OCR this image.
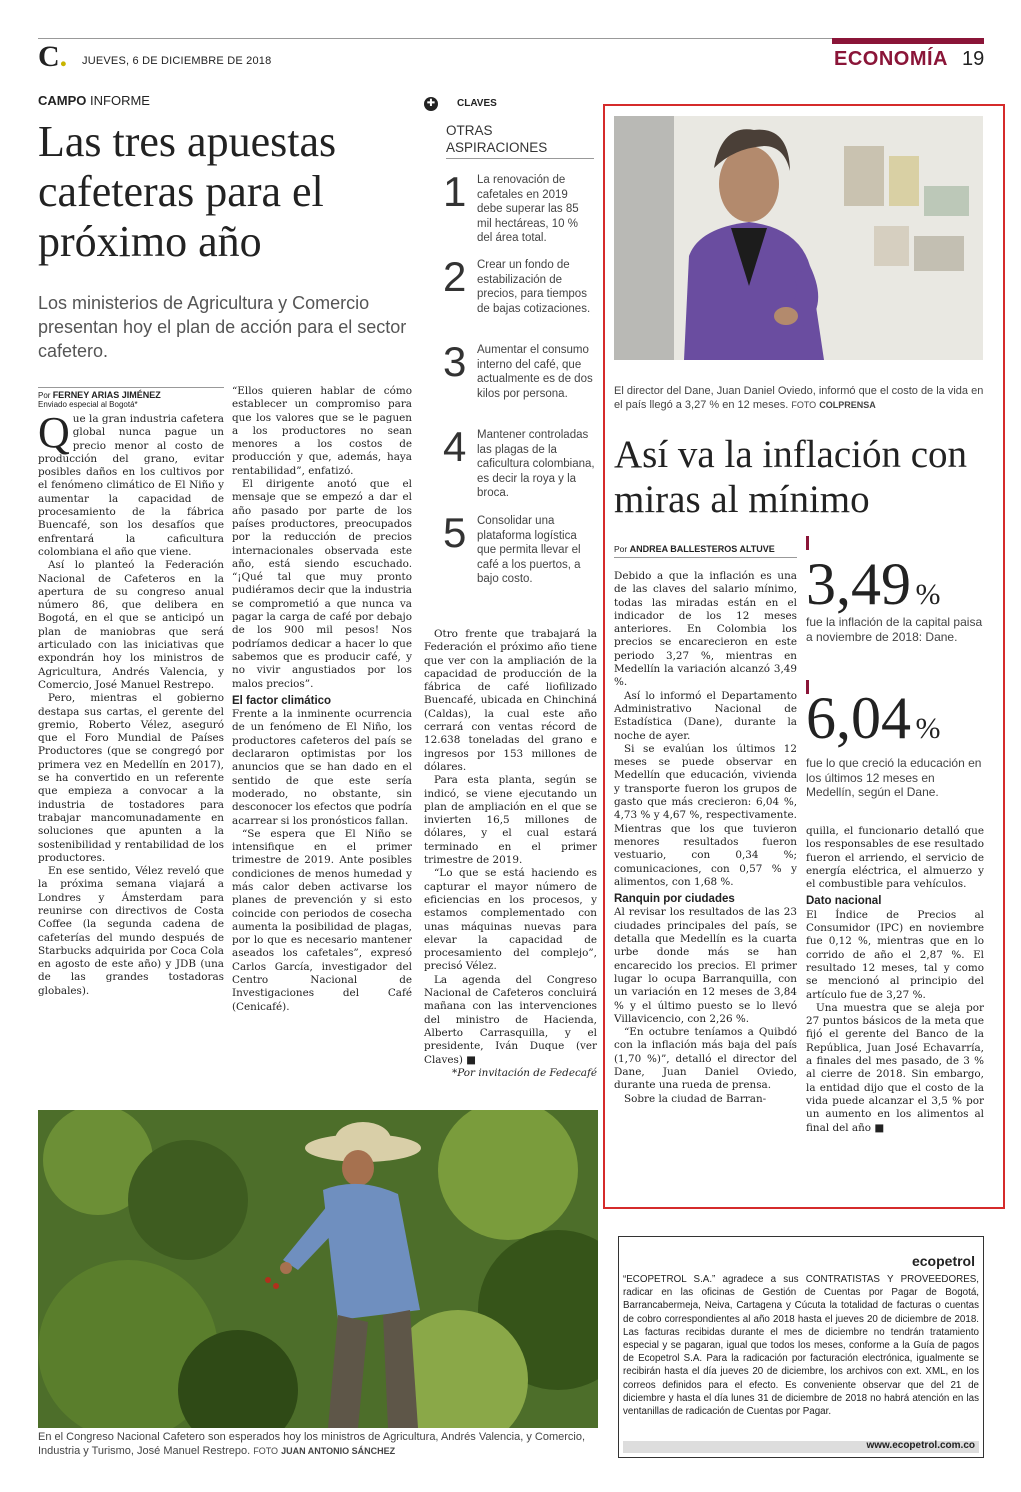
C. JUEVES, 6 DE DICIEMBRE DE 2018	ECONOMÍA 19
CAMPO INFORME
Las tres apuestas cafeteras para el próximo año
Los ministerios de Agricultura y Comercio presentan hoy el plan de acción para el sector cafetero.
Por FERNEY ARIAS JIMÉNEZ
Enviado especial al Bogotá*
Q ue la gran industria cafetera global nunca pague un precio menor al costo de producción del grano, evitar posibles daños en los cultivos por el fenómeno climático de El Niño y aumentar la capacidad de procesamiento de la fábrica Buencafé, son los desafíos que enfrentará la caficultura colombiana el año que viene.

Así lo planteó la Federación Nacional de Cafeteros en la apertura de su congreso anual número 86, que delibera en Bogotá, en el que se anticipó un plan de maniobras que será articulado con las iniciativas que expondrán hoy los ministros de Agricultura, Andrés Valencia, y Comercio, José Manuel Restrepo.

Pero, mientras el gobierno destapa sus cartas, el gerente del gremio, Roberto Vélez, aseguró que el Foro Mundial de Países Productores (que se congregó por primera vez en Medellín en 2017), se ha convertido en un referente que empieza a convocar a la industria de tostadores para trabajar mancomunadamente en soluciones que apunten a la sostenibilidad y rentabilidad de los productores.

En ese sentido, Vélez reveló que la próxima semana viajará a Londres y Ámsterdam para reunirse con directivos de Costa Coffee (la segunda cadena de cafeterías del mundo después de Starbucks adquirida por Coca Cola en agosto de este año) y JDB (una de las grandes tostadoras globales).

“Ellos quieren hablar de cómo establecer un compromiso para que los valores que se le paguen a los productores no sean menores a los costos de producción y que, además, haya rentabilidad”, enfatizó.

El dirigente anotó que el mensaje que se empezó a dar el año pasado por parte de los países productores, preocupados por la reducción de precios internacionales observada este año, está siendo escuchado. “¡Qué tal que muy pronto pudiéramos decir que la industria se comprometió a que nunca va pagar la carga de café por debajo de los 900 mil pesos! Nos podríamos dedicar a hacer lo que sabemos que es producir café, y no vivir angustiados por los malos precios”.

El factor climático

Frente a la inminente ocurrencia de un fenómeno de El Niño, los productores cafeteros del país se declararon optimistas por los anuncios que se han dado en el sentido de que este sería moderado, no obstante, sin desconocer los efectos que podría acarrear si los pronósticos fallan.

“Se espera que El Niño se intensifique en el primer trimestre de 2019. Ante posibles condiciones de menos humedad y más calor deben activarse los planes de prevención y si esto coincide con periodos de cosecha aumenta la posibilidad de plagas, por lo que es necesario mantener aseados los cafetales”, expresó Carlos García, investigador del Centro Nacional de Investigaciones del Café (Cenicafé).

Otro frente que trabajará la Federación el próximo año tiene que ver con la ampliación de la capacidad de producción de la fábrica de café liofilizado Buencafé, ubicada en Chinchiná (Caldas), la cual este año cerrará con ventas récord de 12.638 toneladas del grano e ingresos por 153 millones de dólares.

Para esta planta, según se indicó, se viene ejecutando un plan de ampliación en el que se invierten 16,5 millones de dólares, y el cual estará terminado en el primer trimestre de 2019.

“Lo que se está haciendo es capturar el mayor número de eficiencias en los procesos, y estamos complementado con unas máquinas nuevas para elevar la capacidad de procesamiento del complejo”, precisó Vélez.

La agenda del Congreso Nacional de Cafeteros concluirá mañana con las intervenciones del ministro de Hacienda, Alberto Carrasquilla, y el presidente, Iván Duque (ver Claves) ■

*Por invitación de Fedecafé

✚ CLAVES
OTRAS ASPIRACIONES
1 La renovación de cafetales en 2019 debe superar las 85 mil hectáreas, 10 % del área total.
2 Crear un fondo de estabilización de precios, para tiempos de bajas cotizaciones.
3 Aumentar el consumo interno del café, que actualmente es de dos kilos por persona.
4 Mantener controladas las plagas de la caficultura colombiana, es decir la roya y la broca.
5 Consolidar una plataforma logística que permita llevar el café a los puertos, a bajo costo.
El director del Dane, Juan Daniel Oviedo, informó que el costo de la vida en el país llegó a 3,27 % en 12 meses. FOTO COLPRENSA
Así va la inflación con miras al mínimo
Por ANDREA BALLESTEROS ALTUVE

Debido a que la inflación es una de las claves del salario mínimo, todas las miradas están en el indicador de los 12 meses anteriores. En Colombia los precios se encarecieron en este periodo 3,27 %, mientras en Medellín la variación alcanzó 3,49 %.

Así lo informó el Departamento Administrativo Nacional de Estadística (Dane), durante la noche de ayer.

Si se evalúan los últimos 12 meses se puede observar en Medellín que educación, vivienda y transporte fueron los grupos de gasto que más crecieron: 6,04 %, 4,73 % y 4,67 %, respectivamente. Mientras que los que tuvieron menores resultados fueron vestuario, con 0,34 %; comunicaciones, con 0,57 % y alimentos, con 1,68 %.

Ranquin por ciudades

Al revisar los resultados de las 23 ciudades principales del país, se detalla que Medellín es la cuarta urbe donde más se han encarecido los precios. El primer lugar lo ocupa Barranquilla, con un variación en 12 meses de 3,84 % y el último puesto se lo llevó Villavicencio, con 2,26 %.

“En octubre teníamos a Quibdó con la inflación más baja del país (1,70 %)”, detalló el director del Dane, Juan Daniel Oviedo, durante una rueda de prensa.

Sobre la ciudad de Barran-

3,49 %
fue la inflación de la capital paisa a noviembre de 2018: Dane.
6,04 %
fue lo que creció la educación en los últimos 12 meses en Medellín, según el Dane.

quilla, el funcionario detalló que los responsables de ese resultado fueron el arriendo, el servicio de energía eléctrica, el almuerzo y el combustible para vehículos.

Dato nacional

El Índice de Precios al Consumidor (IPC) en noviembre fue 0,12 %, mientras que en lo corrido de año el 2,87 %. El resultado 12 meses, tal y como se mencionó al principio del artículo fue de 3,27 %.

Una muestra que se aleja por 27 puntos básicos de la meta que fijó el gerente del Banco de la República, Juan José Echavarría, a finales del mes pasado, de 3 % al cierre de 2018. Sin embargo, la entidad dijo que el costo de la vida puede alcanzar el 3,5 % por un aumento en los alimentos al final del año ■

En el Congreso Nacional Cafetero son esperados hoy los ministros de Agricultura, Andrés Valencia, y Comercio, Industria y Turismo, José Manuel Restrepo. FOTO JUAN ANTONIO SÁNCHEZ
ecopetrol
“ECOPETROL S.A.” agradece a sus CONTRATISTAS Y PROVEEDORES, radicar en las oficinas de Gestión de Cuentas por Pagar de Bogotá, Barrancabermeja, Neiva, Cartagena y Cúcuta la totalidad de facturas o cuentas de cobro correspondientes al año 2018 hasta el jueves 20 de diciembre de 2018. Las facturas recibidas durante el mes de diciembre no tendrán tratamiento especial y se pagaran, igual que todos los meses, conforme a la Guía de pagos de Ecopetrol S.A. Para la radicación por facturación electrónica, igualmente se recibirán hasta el día jueves 20 de diciembre, los archivos con ext. XML, en los correos definidos para el efecto. Es conveniente observar que del 21 de diciembre y hasta el día lunes 31 de diciembre de 2018 no habrá atención en las ventanillas de radicación de Cuentas por Pagar.
www.ecopetrol.com.co
